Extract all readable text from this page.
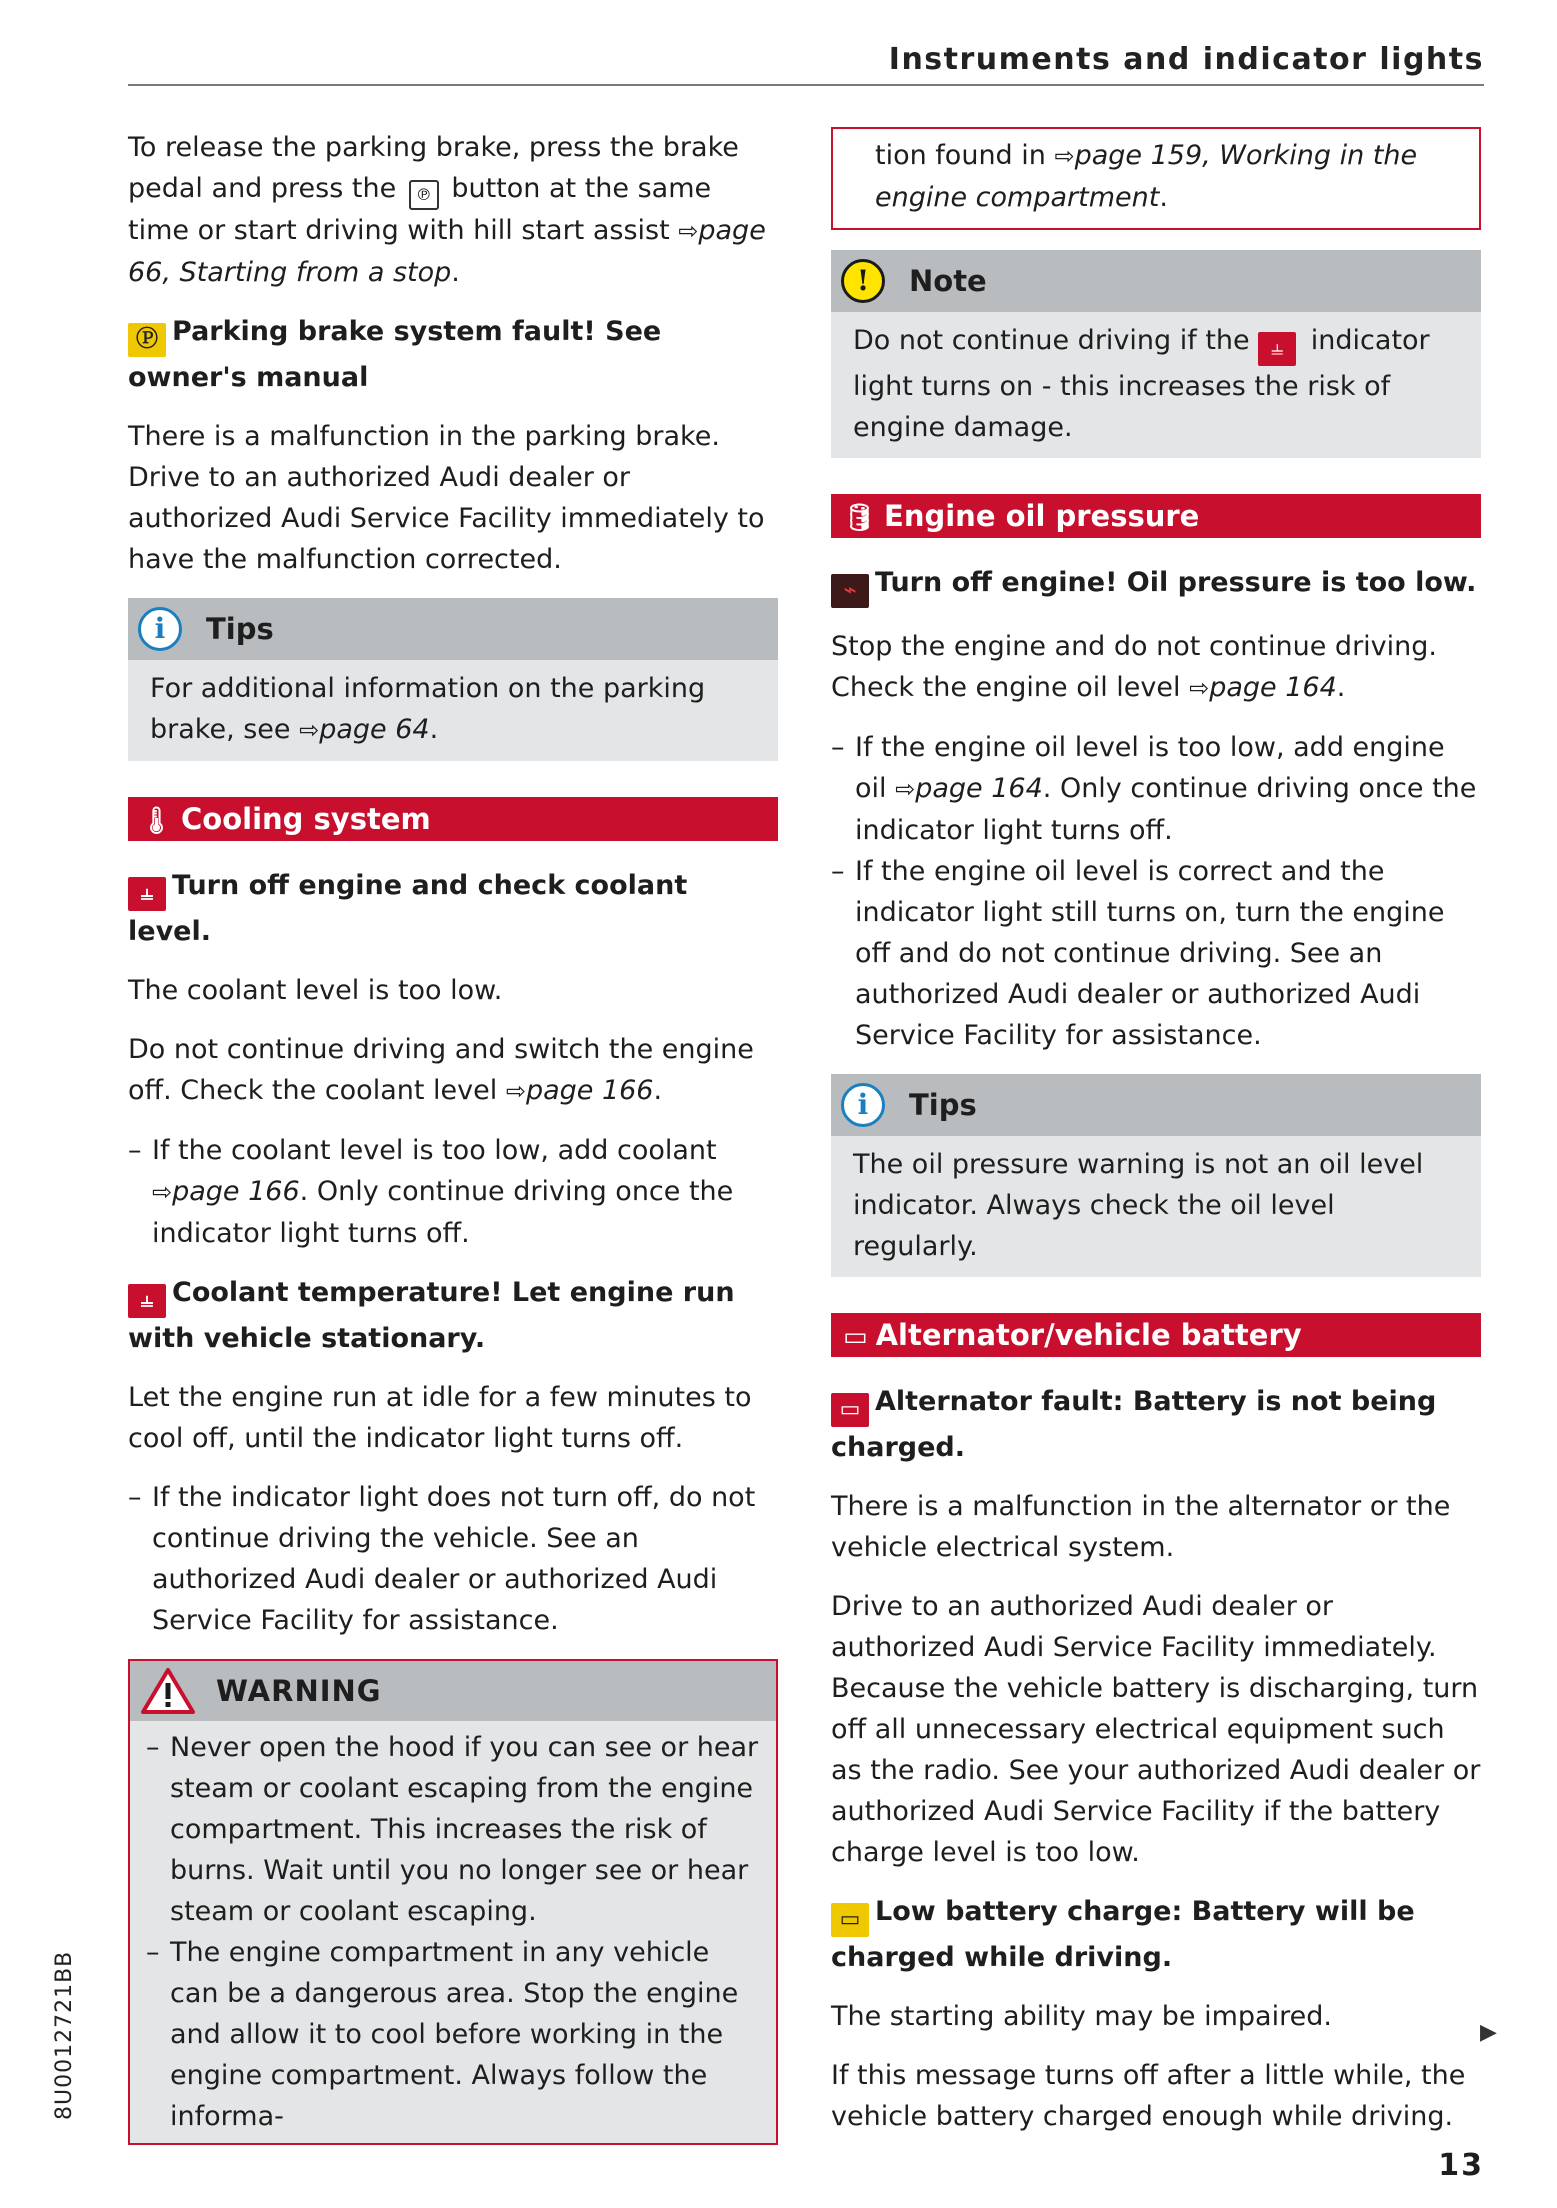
Instruments and indicator lights

To release the parking brake, press the brake pedal and press the ℗ button at the same time or start driving with hill start assist ⇨page 66, Starting from a stop.

Ⓟ Parking brake system fault! See owner's manual

There is a malfunction in the parking brake. Drive to an authorized Audi dealer or authorized Audi Service Facility immediately to have the malfunction corrected.

i	Tips
For additional information on the parking brake, see ⇨page 64.
🌡 Cooling system
⫨ Turn off engine and check coolant level.

The coolant level is too low.

Do not continue driving and switch the engine off. Check the coolant level ⇨page 166.

– If the coolant level is too low, add coolant ⇨page 166. Only continue driving once the indicator light turns off.
⫨ Coolant temperature! Let engine run with vehicle stationary.

Let the engine run at idle for a few minutes to cool off, until the indicator light turns off.

– If the indicator light does not turn off, do not continue driving the vehicle. See an authorized Audi dealer or authorized Audi Service Facility for assistance.
WARNING
– Never open the hood if you can see or hear steam or coolant escaping from the engine compartment. This increases the risk of burns. Wait until you no longer see or hear steam or coolant escaping.
– The engine compartment in any vehicle can be a dangerous area. Stop the engine and allow it to cool before working in the engine compartment. Always follow the informa-
tion found in ⇨page 159, Working in the engine compartment.
!	Note
Do not continue driving if the ⫨ indicator light turns on - this increases the risk of engine damage.
🛢 Engine oil pressure
⌁ Turn off engine! Oil pressure is too low.

Stop the engine and do not continue driving. Check the engine oil level ⇨page 164.

– If the engine oil level is too low, add engine oil ⇨page 164. Only continue driving once the indicator light turns off.
– If the engine oil level is correct and the indicator light still turns on, turn the engine off and do not continue driving. See an authorized Audi dealer or authorized Audi Service Facility for assistance.
i	Tips
The oil pressure warning is not an oil level indicator. Always check the oil level regularly.
▭ Alternator/vehicle battery
▭ Alternator fault: Battery is not being charged.

There is a malfunction in the alternator or the vehicle electrical system.

Drive to an authorized Audi dealer or authorized Audi Service Facility immediately. Because the vehicle battery is discharging, turn off all unnecessary electrical equipment such as the radio. See your authorized Audi dealer or authorized Audi Service Facility if the battery charge level is too low.

▭ Low battery charge: Battery will be charged while driving.

The starting ability may be impaired.

If this message turns off after a little while, the vehicle battery charged enough while driving.

▶
8U0012721BB
13
